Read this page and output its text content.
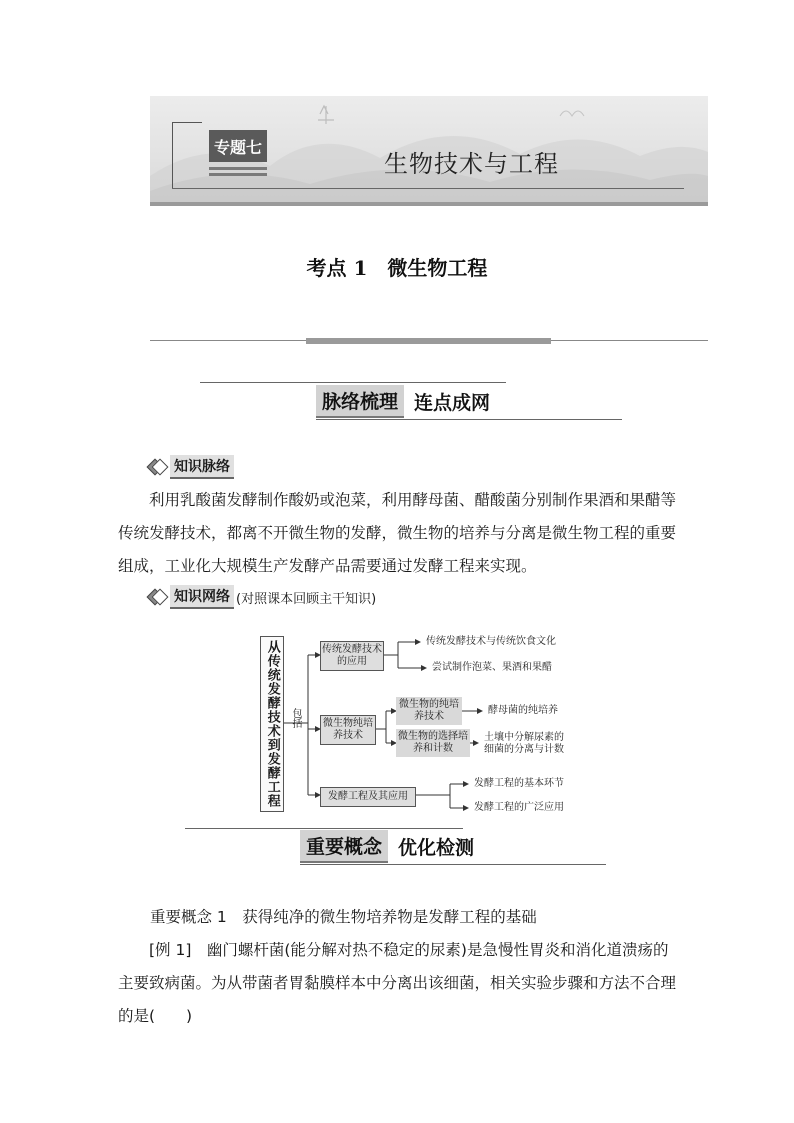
专题七
生物技术与工程
考点 1　微生物工程
脉络梳理 连点成网
知识脉络
利用乳酸菌发酵制作酸奶或泡菜，利用酵母菌、醋酸菌分别制作果酒和果醋等传统发酵技术，都离不开微生物的发酵，微生物的培养与分离是微生物工程的重要组成，工业化大规模生产发酵产品需要通过发酵工程来实现。
知识网络 (对照课本回顾主干知识)
从传统发酵技术到发酵工程	包括
传统发酵技术的应用
传统发酵技术与传统饮食文化
尝试制作泡菜、果酒和果醋
微生物纯培养技术
微生物的纯培养技术
酵母菌的纯培养
微生物的选择培养和计数
土壤中分解尿素的细菌的分离与计数
发酵工程及其应用
发酵工程的基本环节
发酵工程的广泛应用
重要概念 优化检测
重要概念 1　获得纯净的微生物培养物是发酵工程的基础
[例 1]　幽门螺杆菌(能分解对热不稳定的尿素)是急慢性胃炎和消化道溃疡的主要致病菌。为从带菌者胃黏膜样本中分离出该细菌，相关实验步骤和方法不合理的是(　　)
